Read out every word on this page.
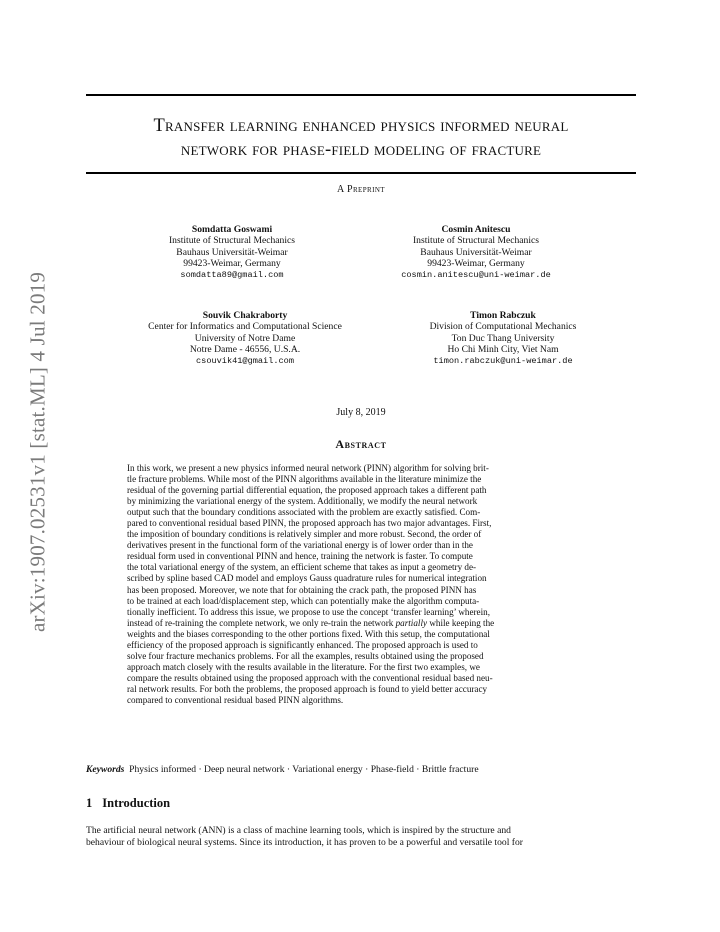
arXiv:1907.02531v1 [stat.ML] 4 Jul 2019
Transfer learning enhanced physics informed neural
network for phase-field modeling of fracture
A Preprint
Somdatta Goswami
Institute of Structural Mechanics
Bauhaus Universität-Weimar
99423-Weimar, Germany
somdatta89@gmail.com
Cosmin Anitescu
Institute of Structural Mechanics
Bauhaus Universität-Weimar
99423-Weimar, Germany
cosmin.anitescu@uni-weimar.de
Souvik Chakraborty
Center for Informatics and Computational Science
University of Notre Dame
Notre Dame - 46556, U.S.A.
csouvik41@gmail.com
Timon Rabczuk
Division of Computational Mechanics
Ton Duc Thang University
Ho Chi Minh City, Viet Nam
timon.rabczuk@uni-weimar.de
July 8, 2019
Abstract
In this work, we present a new physics informed neural network (PINN) algorithm for solving brit-
tle fracture problems. While most of the PINN algorithms available in the literature minimize the
residual of the governing partial differential equation, the proposed approach takes a different path
by minimizing the variational energy of the system. Additionally, we modify the neural network
output such that the boundary conditions associated with the problem are exactly satisfied. Com-
pared to conventional residual based PINN, the proposed approach has two major advantages. First,
the imposition of boundary conditions is relatively simpler and more robust. Second, the order of
derivatives present in the functional form of the variational energy is of lower order than in the
residual form used in conventional PINN and hence, training the network is faster. To compute
the total variational energy of the system, an efficient scheme that takes as input a geometry de-
scribed by spline based CAD model and employs Gauss quadrature rules for numerical integration
has been proposed. Moreover, we note that for obtaining the crack path, the proposed PINN has
to be trained at each load/displacement step, which can potentially make the algorithm computa-
tionally inefficient. To address this issue, we propose to use the concept ‘transfer learning’ wherein,
instead of re-training the complete network, we only re-train the network partially while keeping the
weights and the biases corresponding to the other portions fixed. With this setup, the computational
efficiency of the proposed approach is significantly enhanced. The proposed approach is used to
solve four fracture mechanics problems. For all the examples, results obtained using the proposed
approach match closely with the results available in the literature. For the first two examples, we
compare the results obtained using the proposed approach with the conventional residual based neu-
ral network results. For both the problems, the proposed approach is found to yield better accuracy
compared to conventional residual based PINN algorithms.
Keywords Physics informed · Deep neural network · Variational energy · Phase-field · Brittle fracture
1 Introduction
The artificial neural network (ANN) is a class of machine learning tools, which is inspired by the structure and
behaviour of biological neural systems. Since its introduction, it has proven to be a powerful and versatile tool for
